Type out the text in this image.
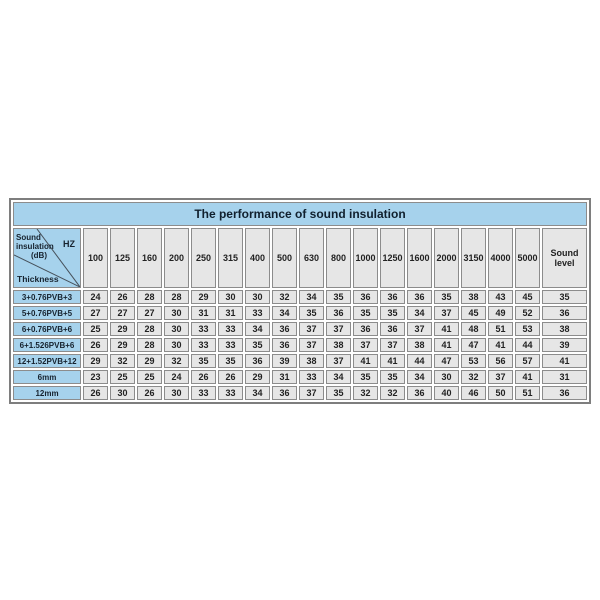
The performance of sound insulation																		

Sound
insulation
(dB)
HZ
Thickness	100	125	160	200	250	315	400	500	630	800	1000	1250	1600	2000	3150	4000	5000	Sound level
3+0.76PVB+3	24	26	28	28	29	30	30	32	34	35	36	36	36	35	38	43	45	35
5+0.76PVB+5	27	27	27	30	31	31	33	34	35	36	35	35	34	37	45	49	52	36
6+0.76PVB+6	25	29	28	30	33	33	34	36	37	37	36	36	37	41	48	51	53	38
6+1.526PVB+6	26	29	28	30	33	33	35	36	37	38	37	37	38	41	47	41	44	39
12+1.52PVB+12	29	32	29	32	35	35	36	39	38	37	41	41	44	47	53	56	57	41
6mm	23	25	25	24	26	26	29	31	33	34	35	35	34	30	32	37	41	31
12mm	26	30	26	30	33	33	34	36	37	35	32	32	36	40	46	50	51	36
